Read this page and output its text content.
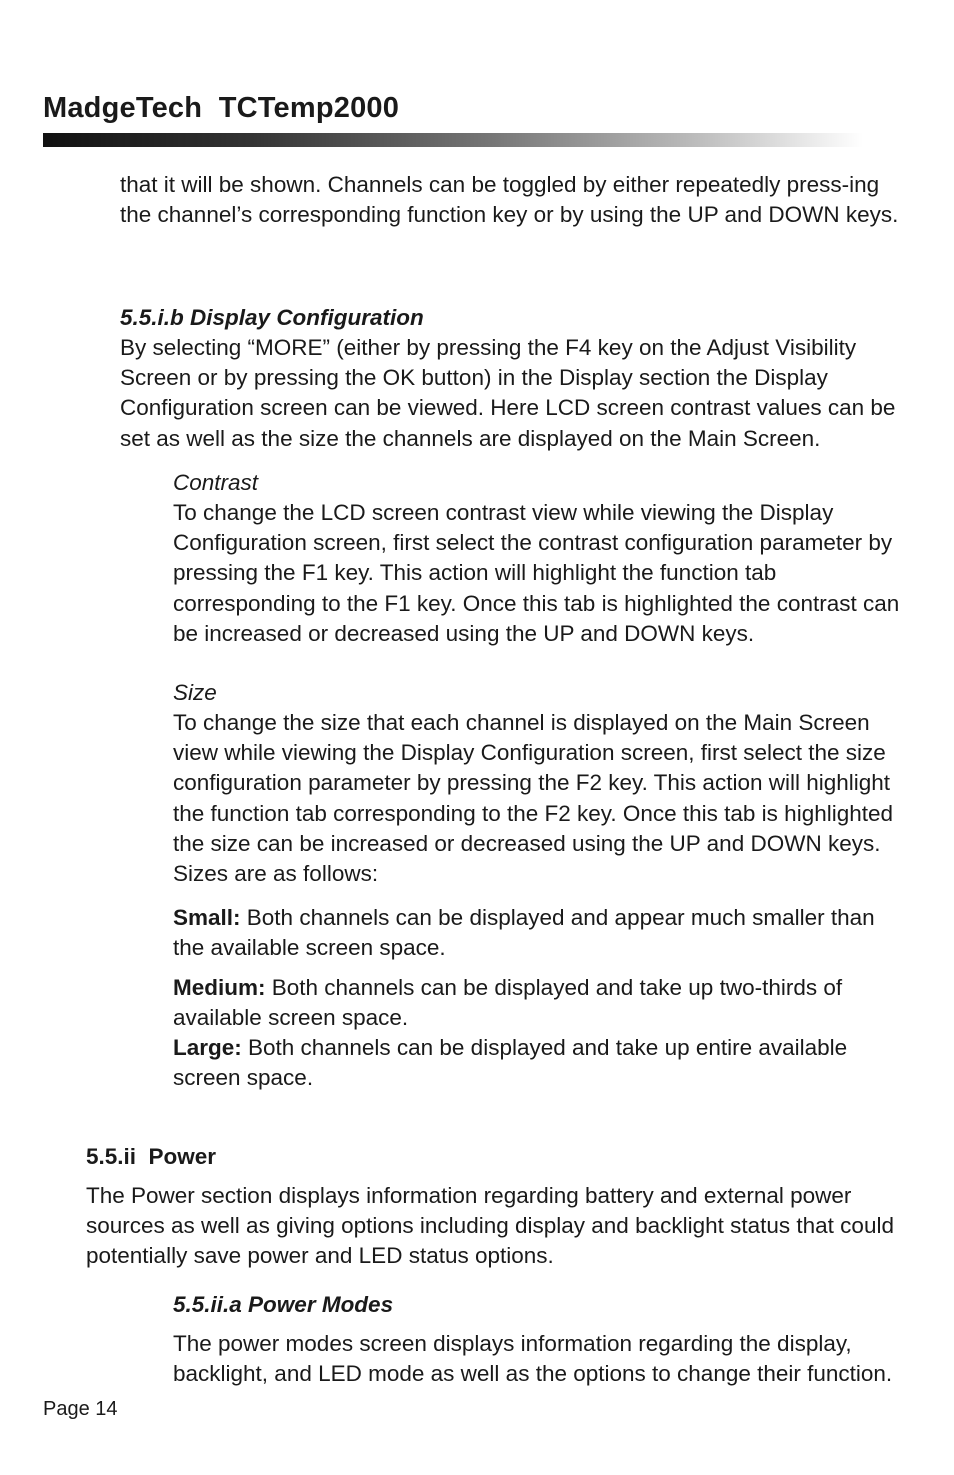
MadgeTech  TCTemp2000

that it will be shown. Channels can be toggled by either repeatedly press-ing the channel’s corresponding function key or by using the UP and DOWN keys.

5.5.i.b Display Configuration

By selecting “MORE” (either by pressing the F4 key on the Adjust Visibility Screen or by pressing the OK button) in the Display section the Display Configuration screen can be viewed. Here LCD screen contrast values can be set as well as the size the channels are displayed on the Main Screen.

Contrast

To change the LCD screen contrast view while viewing the Display Configuration screen, first select the contrast configuration parameter by pressing the F1 key. This action will highlight the function tab corresponding to the F1 key. Once this tab is highlighted the contrast can be increased or decreased using the UP and DOWN keys.

Size

To change the size that each channel is displayed on the Main Screen view while viewing the Display Configuration screen, first select the size configuration parameter by pressing the F2 key. This action will highlight the function tab corresponding to the F2 key. Once this tab is highlighted the size can be increased or decreased using the UP and DOWN keys. Sizes are as follows:

Small: Both channels can be displayed and appear much smaller than the available screen space.

Medium: Both channels can be displayed and take up two-thirds of available screen space.

Large: Both channels can be displayed and take up entire available screen space.

5.5.ii  Power

The Power section displays information regarding battery and external power sources as well as giving options including display and backlight status that could potentially save power and LED status options.

5.5.ii.a Power Modes

The power modes screen displays information regarding the display, backlight, and LED mode as well as the options to change their function.

Page 14
